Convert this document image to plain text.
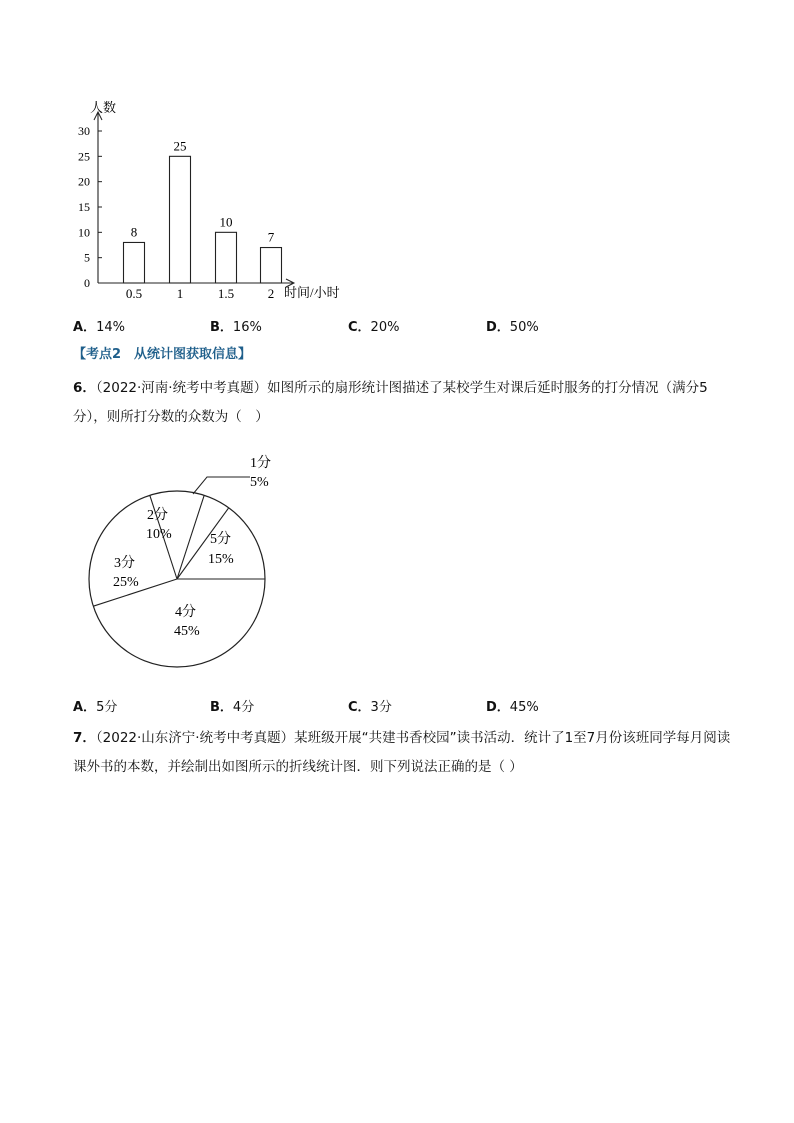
0
5
10
15
20
25
30
人数
时间/小时
8
0.5
25
1
10
1.5
7
2
A．14%	B．16%	C．20%	D．50%
【考点2　从统计图获取信息】
6．（2022·河南·统考中考真题）如图所示的扇形统计图描述了某校学生对课后延时服务的打分情况（满分5分），则所打分数的众数为（　）
1分
5%
5分
15%
4分
45%
3分
25%
2分
10%
A．5分	B．4分	C．3分	D．45%
7．（2022·山东济宁·统考中考真题）某班级开展“共建书香校园”读书活动．统计了1至7月份该班同学每月阅读课外书的本数，并绘制出如图所示的折线统计图．则下列说法正确的是（ ）
